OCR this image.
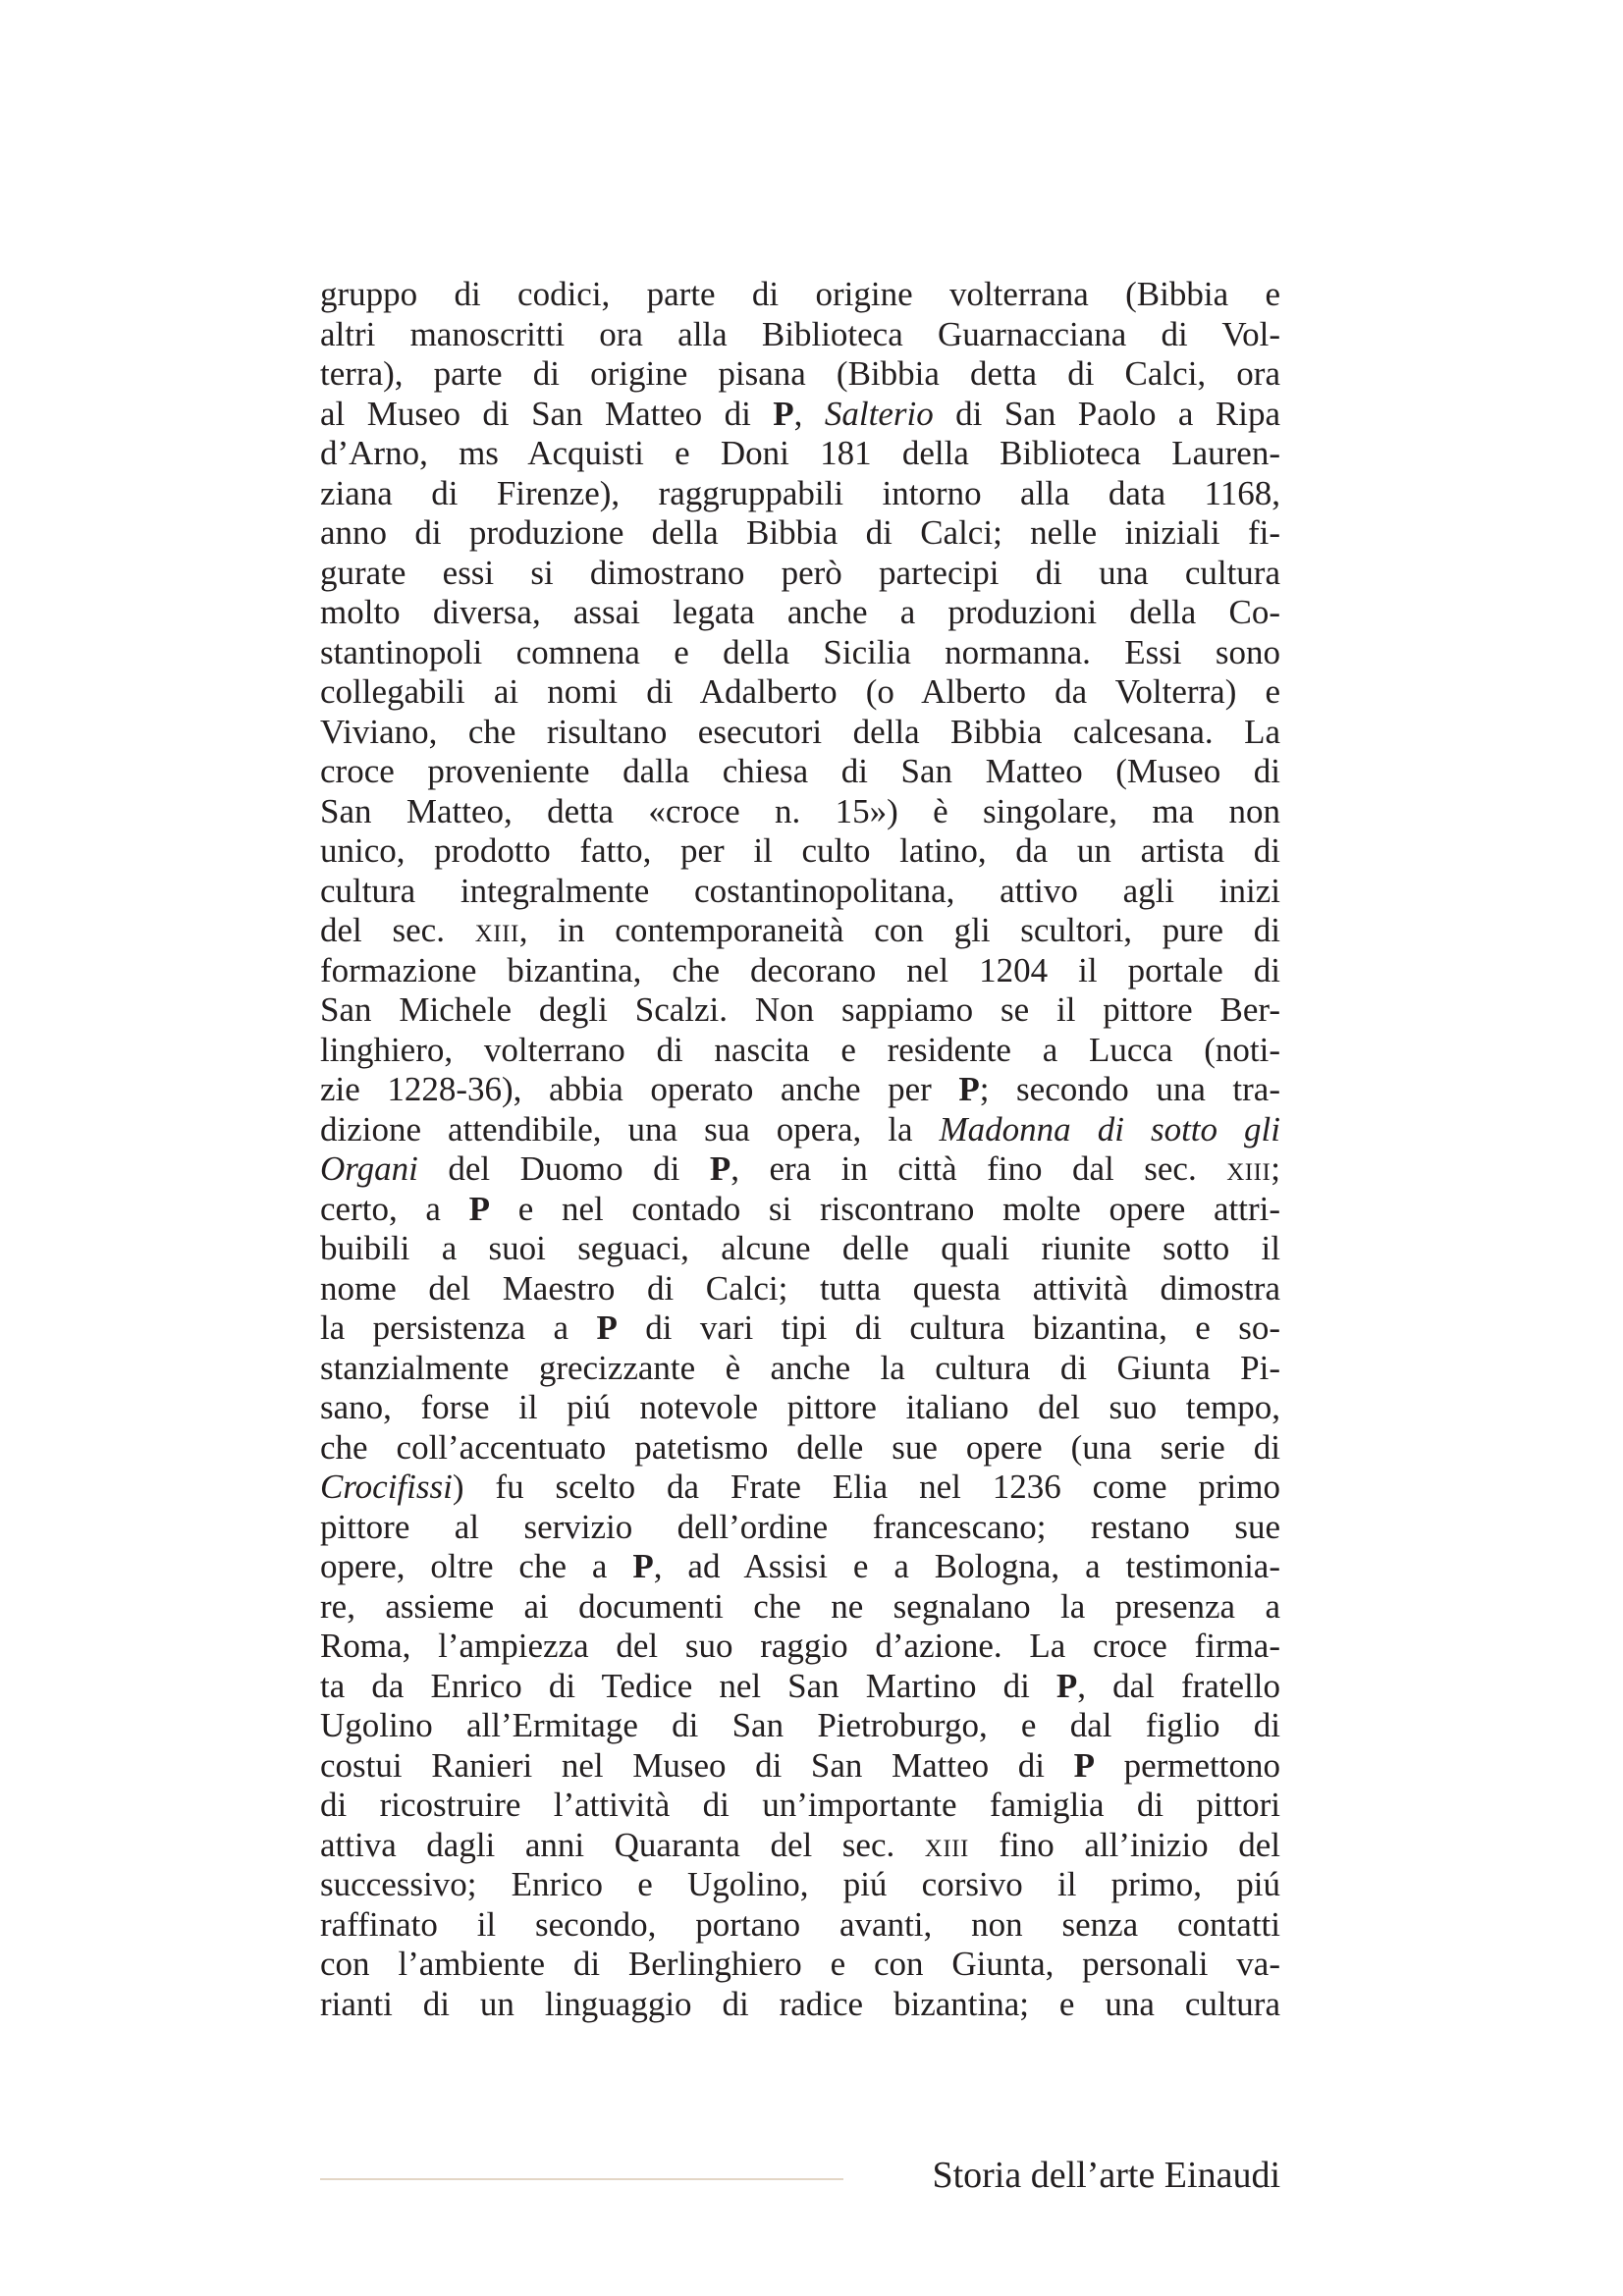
gruppo di codici, parte di origine volterrana (Bibbia e
altri manoscritti ora alla Biblioteca Guarnacciana di Vol-
terra), parte di origine pisana (Bibbia detta di Calci, ora
al Museo di San Matteo di P, Salterio di San Paolo a Ripa
d’Arno, ms Acquisti e Doni 181 della Biblioteca Lauren-
ziana di Firenze), raggruppabili intorno alla data 1168,
anno di produzione della Bibbia di Calci; nelle iniziali fi-
gurate essi si dimostrano però partecipi di una cultura
molto diversa, assai legata anche a produzioni della Co-
stantinopoli comnena e della Sicilia normanna. Essi sono
collegabili ai nomi di Adalberto (o Alberto da Volterra) e
Viviano, che risultano esecutori della Bibbia calcesana. La
croce proveniente dalla chiesa di San Matteo (Museo di
San Matteo, detta «croce n. 15») è singolare, ma non
unico, prodotto fatto, per il culto latino, da un artista di
cultura integralmente costantinopolitana, attivo agli inizi
del sec. xiii, in contemporaneità con gli scultori, pure di
formazione bizantina, che decorano nel 1204 il portale di
San Michele degli Scalzi. Non sappiamo se il pittore Ber-
linghiero, volterrano di nascita e residente a Lucca (noti-
zie 1228-36), abbia operato anche per P; secondo una tra-
dizione attendibile, una sua opera, la Madonna di sotto gli
Organi del Duomo di P, era in città fino dal sec. xiii;
certo, a P e nel contado si riscontrano molte opere attri-
buibili a suoi seguaci, alcune delle quali riunite sotto il
nome del Maestro di Calci; tutta questa attività dimostra
la persistenza a P di vari tipi di cultura bizantina, e so-
stanzialmente grecizzante è anche la cultura di Giunta Pi-
sano, forse il piú notevole pittore italiano del suo tempo,
che coll’accentuato patetismo delle sue opere (una serie di
Crocifissi) fu scelto da Frate Elia nel 1236 come primo
pittore al servizio dell’ordine francescano; restano sue
opere, oltre che a P, ad Assisi e a Bologna, a testimonia-
re, assieme ai documenti che ne segnalano la presenza a
Roma, l’ampiezza del suo raggio d’azione. La croce firma-
ta da Enrico di Tedice nel San Martino di P, dal fratello
Ugolino all’Ermitage di San Pietroburgo, e dal figlio di
costui Ranieri nel Museo di San Matteo di P permettono
di ricostruire l’attività di un’importante famiglia di pittori
attiva dagli anni Quaranta del sec. xiii fino all’inizio del
successivo; Enrico e Ugolino, piú corsivo il primo, piú
raffinato il secondo, portano avanti, non senza contatti
con l’ambiente di Berlinghiero e con Giunta, personali va-
rianti di un linguaggio di radice bizantina; e una cultura
Storia dell’arte Einaudi
